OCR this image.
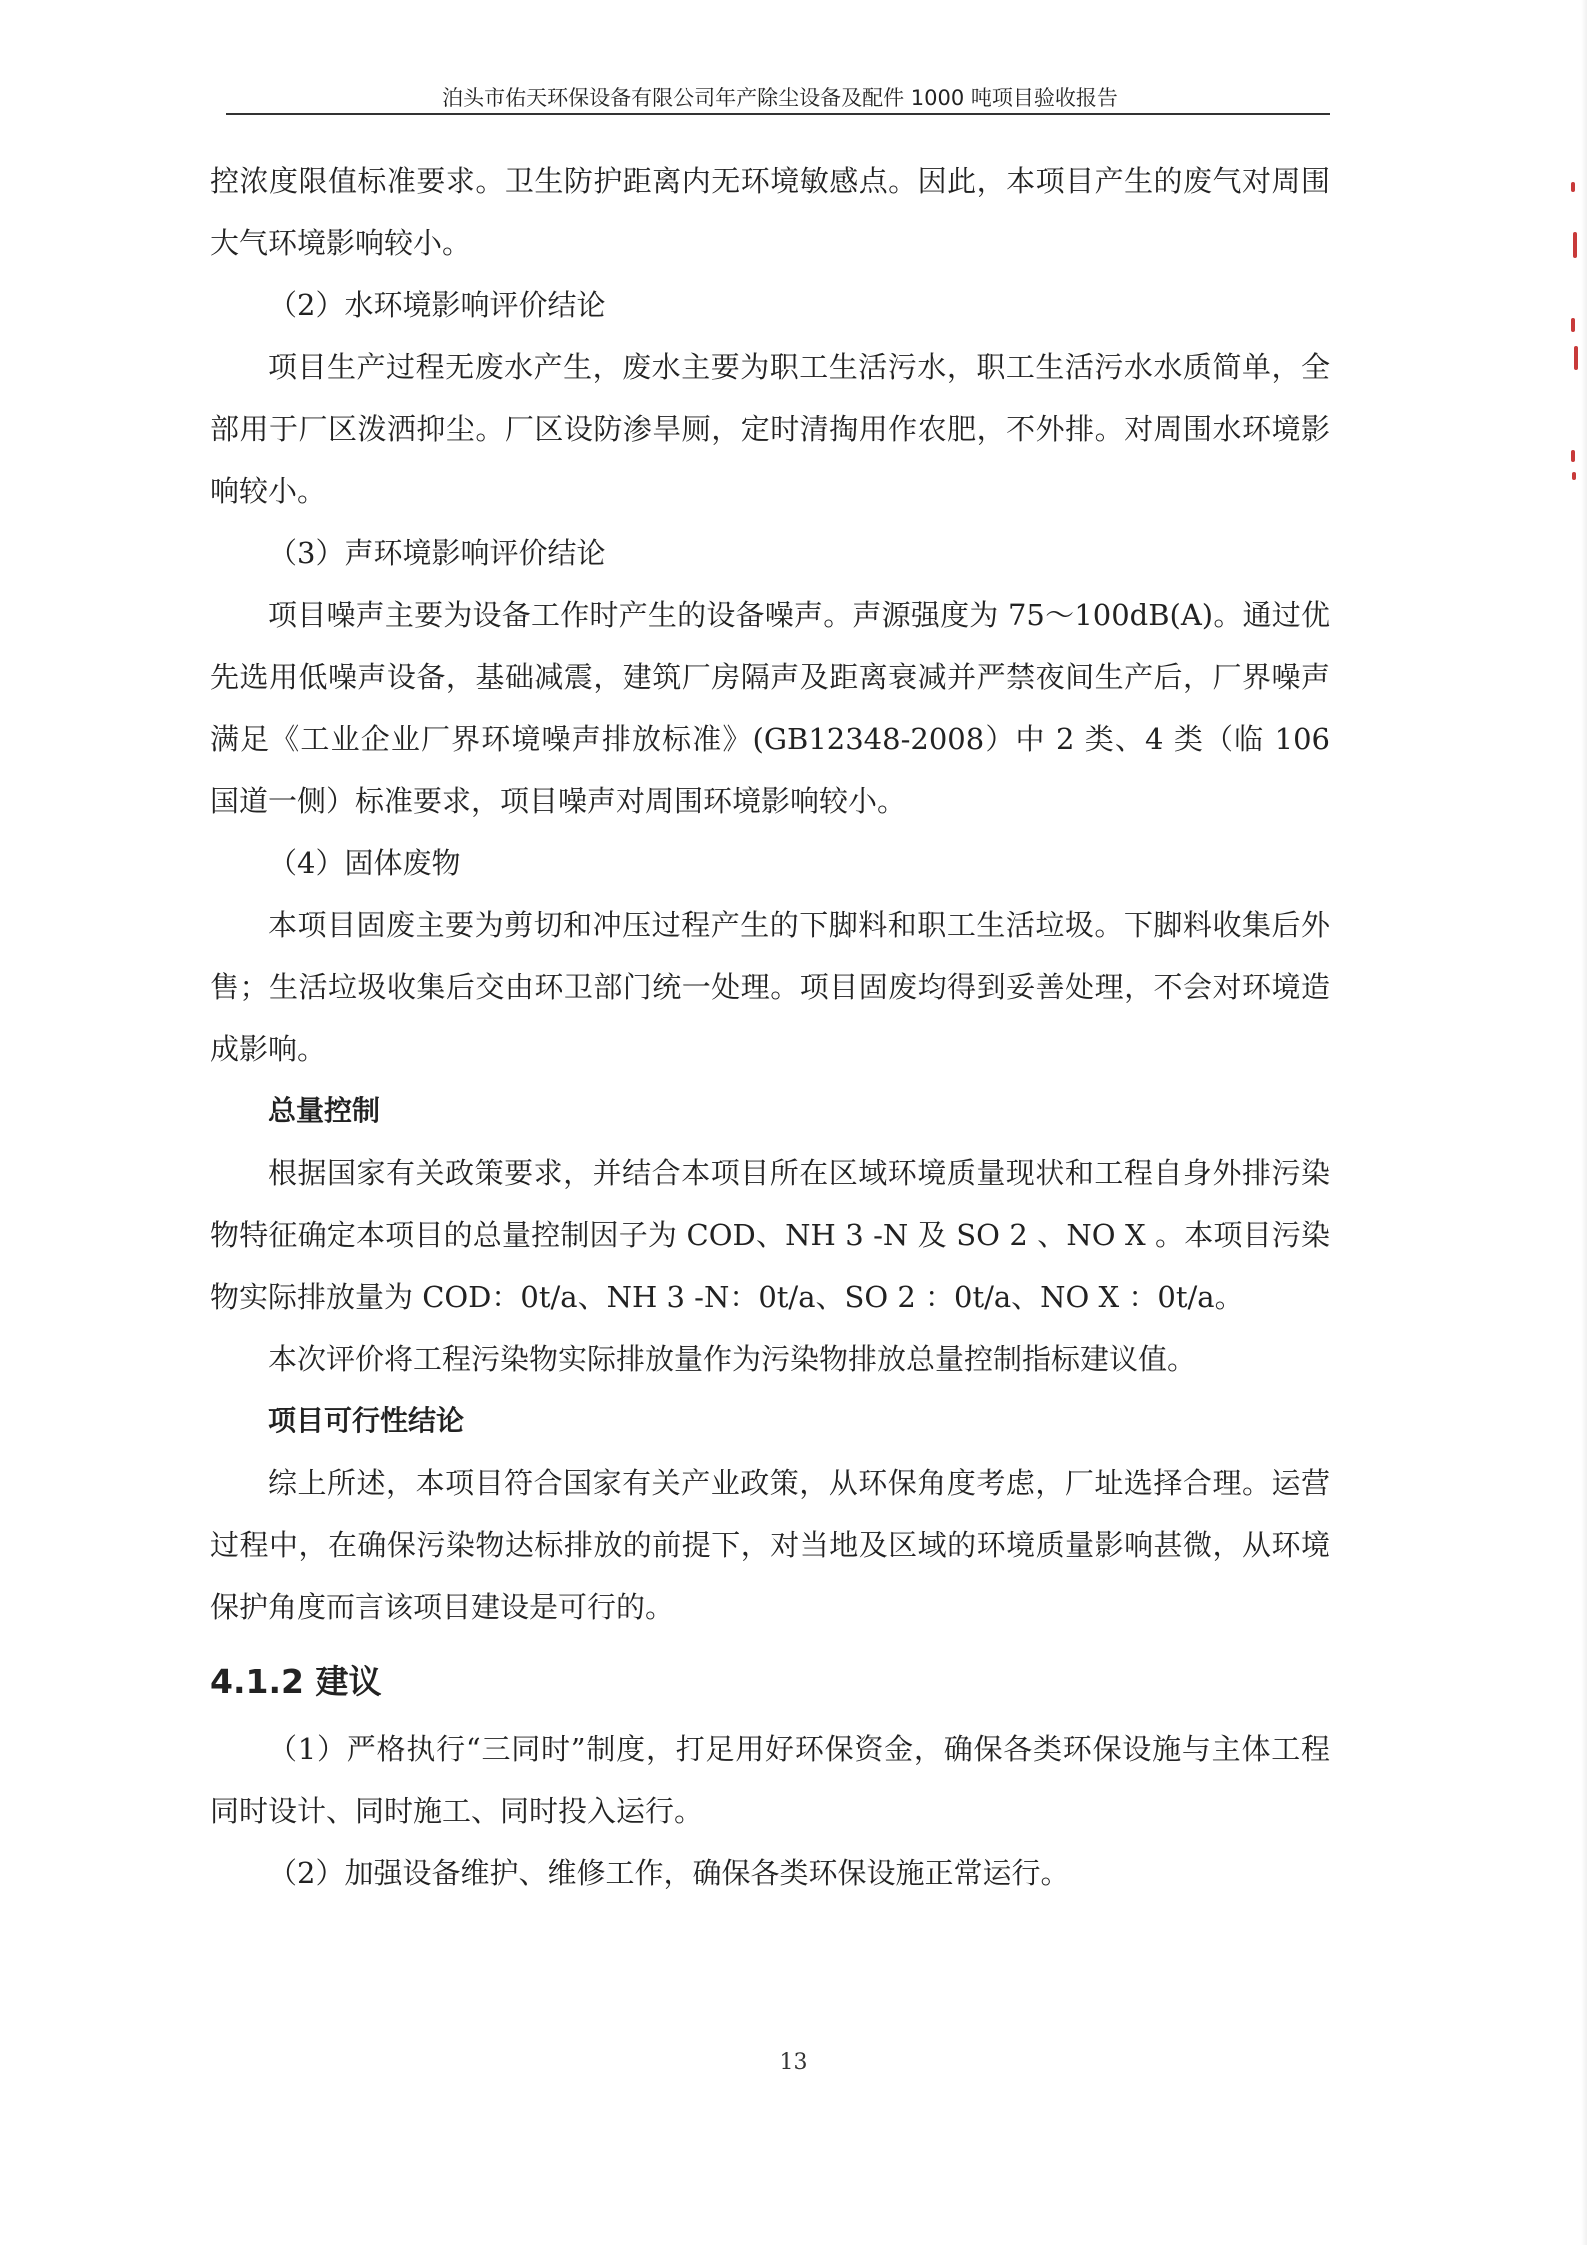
泊头市佑天环保设备有限公司年产除尘设备及配件 1000 吨项目验收报告

控浓度限值标准要求。卫生防护距离内无环境敏感点。因此，本项目产生的废气对周围大气环境影响较小。

（2）水环境影响评价结论

项目生产过程无废水产生，废水主要为职工生活污水，职工生活污水水质简单，全部用于厂区泼洒抑尘。厂区设防渗旱厕，定时清掏用作农肥，不外排。对周围水环境影响较小。

（3）声环境影响评价结论

项目噪声主要为设备工作时产生的设备噪声。声源强度为 75～100dB(A)。通过优先选用低噪声设备，基础减震，建筑厂房隔声及距离衰减并严禁夜间生产后，厂界噪声满足《工业企业厂界环境噪声排放标准》(GB12348-2008）中 2 类、4 类（临 106 国道一侧）标准要求，项目噪声对周围环境影响较小。

（4）固体废物

本项目固废主要为剪切和冲压过程产生的下脚料和职工生活垃圾。下脚料收集后外售；生活垃圾收集后交由环卫部门统一处理。项目固废均得到妥善处理，不会对环境造成影响。

总量控制

根据国家有关政策要求，并结合本项目所在区域环境质量现状和工程自身外排污染物特征确定本项目的总量控制因子为 COD、NH 3 -N 及 SO 2 、NO X 。本项目污染物实际排放量为 COD：0t/a、NH 3 -N：0t/a、SO 2 ：0t/a、NO X ：0t/a。

本次评价将工程污染物实际排放量作为污染物排放总量控制指标建议值。

项目可行性结论

综上所述，本项目符合国家有关产业政策，从环保角度考虑，厂址选择合理。运营过程中，在确保污染物达标排放的前提下，对当地及区域的环境质量影响甚微，从环境保护角度而言该项目建设是可行的。

4.1.2 建议

（1）严格执行“三同时”制度，打足用好环保资金，确保各类环保设施与主体工程同时设计、同时施工、同时投入运行。

（2）加强设备维护、维修工作，确保各类环保设施正常运行。

13
